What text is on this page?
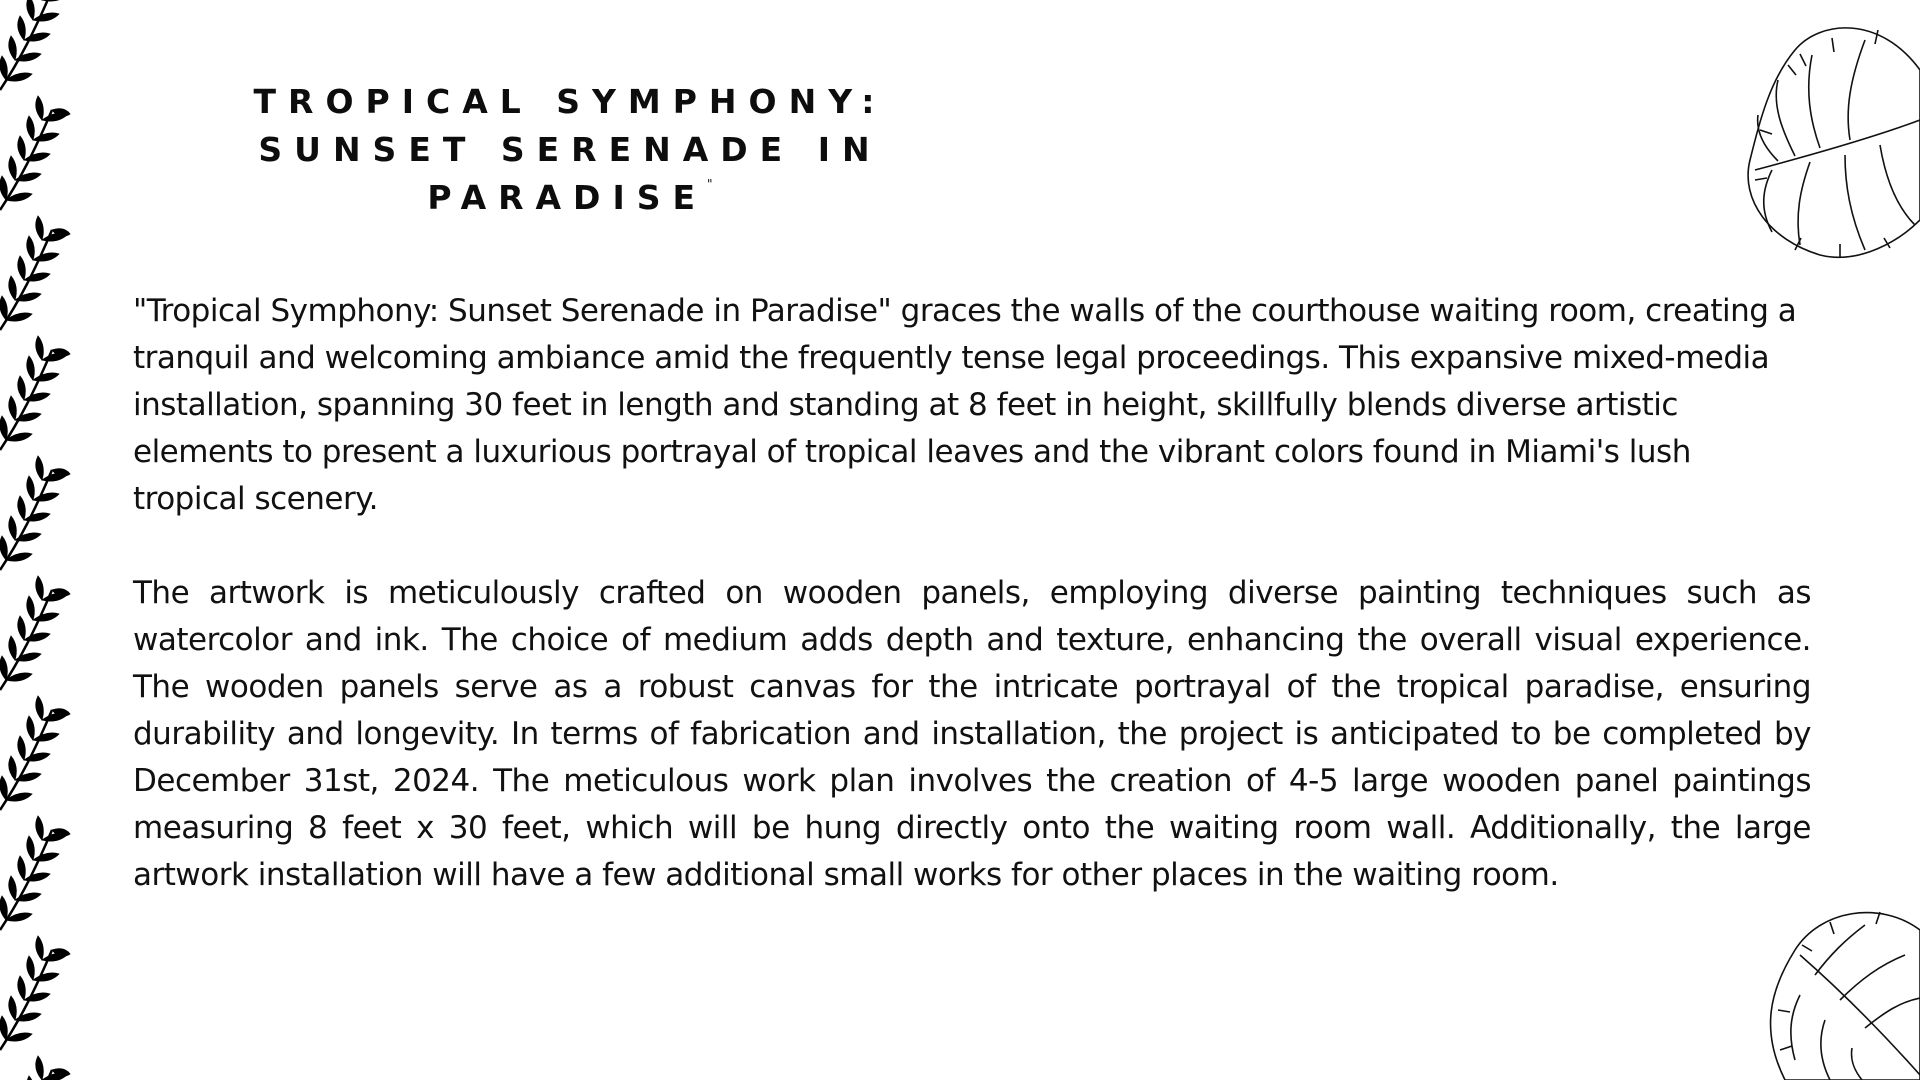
TROPICAL SYMPHONY: SUNSET SERENADE IN PARADISE"

"Tropical Symphony: Sunset Serenade in Paradise" graces the walls of the courthouse waiting room, creating a tranquil and welcoming ambiance amid the frequently tense legal proceedings. This expansive mixed-media installation, spanning 30 feet in length and standing at 8 feet in height, skillfully blends diverse artistic elements to present a luxurious portrayal of tropical leaves and the vibrant colors found in Miami's lush tropical scenery.

The artwork is meticulously crafted on wooden panels, employing diverse painting techniques such as watercolor and ink. The choice of medium adds depth and texture, enhancing the overall visual experience. The wooden panels serve as a robust canvas for the intricate portrayal of the tropical paradise, ensuring durability and longevity. In terms of fabrication and installation, the project is anticipated to be completed by December 31st, 2024. The meticulous work plan involves the creation of 4-5 large wooden panel paintings measuring 8 feet x 30 feet, which will be hung directly onto the waiting room wall. Additionally, the large artwork installation will have a few additional small works for other places in the waiting room.
